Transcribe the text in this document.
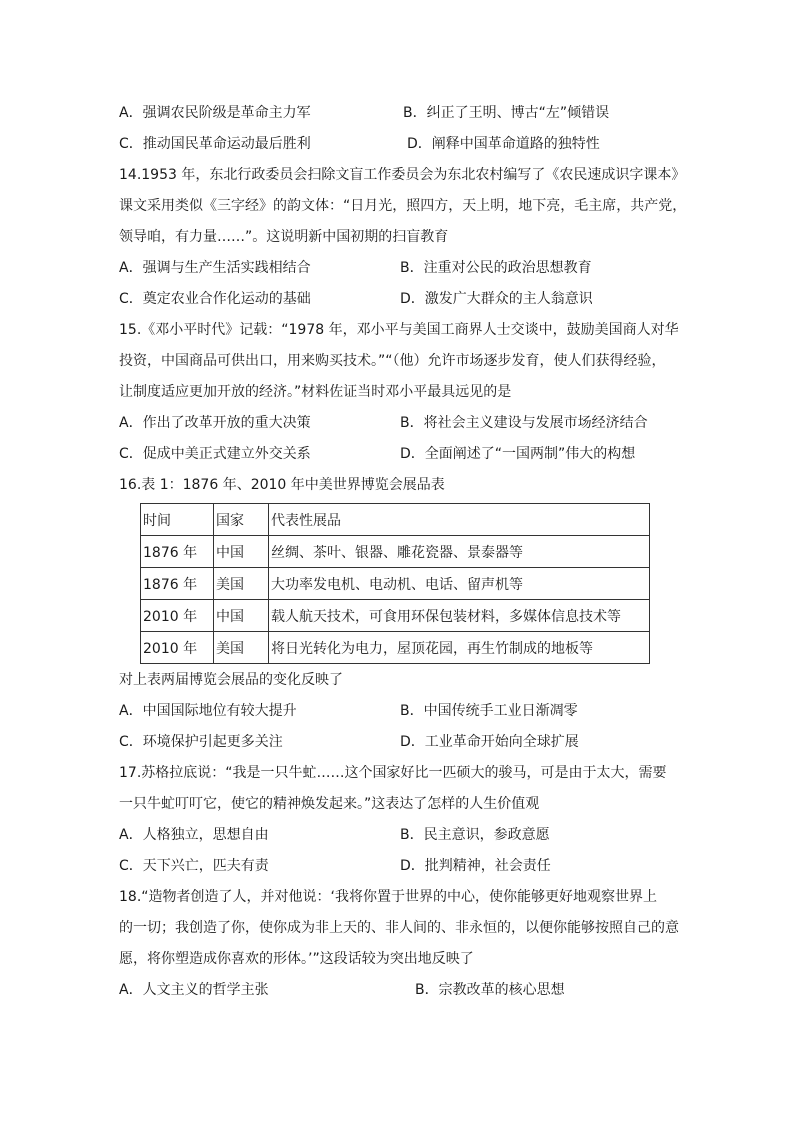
A．强调农民阶级是革命主力军	B．纠正了王明、博古“左”倾错误
C．推动国民革命运动最后胜利	D．阐释中国革命道路的独特性
14.1953 年，东北行政委员会扫除文盲工作委员会为东北农村编写了《农民速成识字课本》
课文采用类似《三字经》的韵文体：“日月光，照四方，天上明，地下亮，毛主席，共产党，
领导咱，有力量……”。这说明新中国初期的扫盲教育
A．强调与生产生活实践相结合	B．注重对公民的政治思想教育
C．奠定农业合作化运动的基础	D．激发广大群众的主人翁意识
15.《邓小平时代》记载：“1978 年，邓小平与美国工商界人士交谈中，鼓励美国商人对华
投资，中国商品可供出口，用来购买技术。”“（他）允许市场逐步发育，使人们获得经验，
让制度适应更加开放的经济。”材料佐证当时邓小平最具远见的是
A．作出了改革开放的重大决策	B．将社会主义建设与发展市场经济结合
C．促成中美正式建立外交关系	D．全面阐述了“一国两制”伟大的构想
16.表 1：1876 年、2010 年中美世界博览会展品表
时间	国家	代表性展品
1876 年	中国	丝绸、茶叶、银器、雕花瓷器、景泰器等
1876 年	美国	大功率发电机、电动机、电话、留声机等
2010 年	中国	载人航天技术，可食用环保包装材料，多媒体信息技术等
2010 年	美国	将日光转化为电力，屋顶花园，再生竹制成的地板等
对上表两届博览会展品的变化反映了
A．中国国际地位有较大提升	B．中国传统手工业日渐凋零
C．环境保护引起更多关注	D．工业革命开始向全球扩展
17.苏格拉底说：“我是一只牛虻……这个国家好比一匹硕大的骏马，可是由于太大，需要
一只牛虻叮叮它，使它的精神焕发起来。”这表达了怎样的人生价值观
A．人格独立，思想自由	B．民主意识，参政意愿
C．天下兴亡，匹夫有责	D．批判精神，社会责任
18.“造物者创造了人，并对他说：‘我将你置于世界的中心，使你能够更好地观察世界上
的一切；我创造了你，使你成为非上天的、非人间的、非永恒的，以便你能够按照自己的意
愿，将你塑造成你喜欢的形体。’”这段话较为突出地反映了
A．人文主义的哲学主张	B．宗教改革的核心思想
